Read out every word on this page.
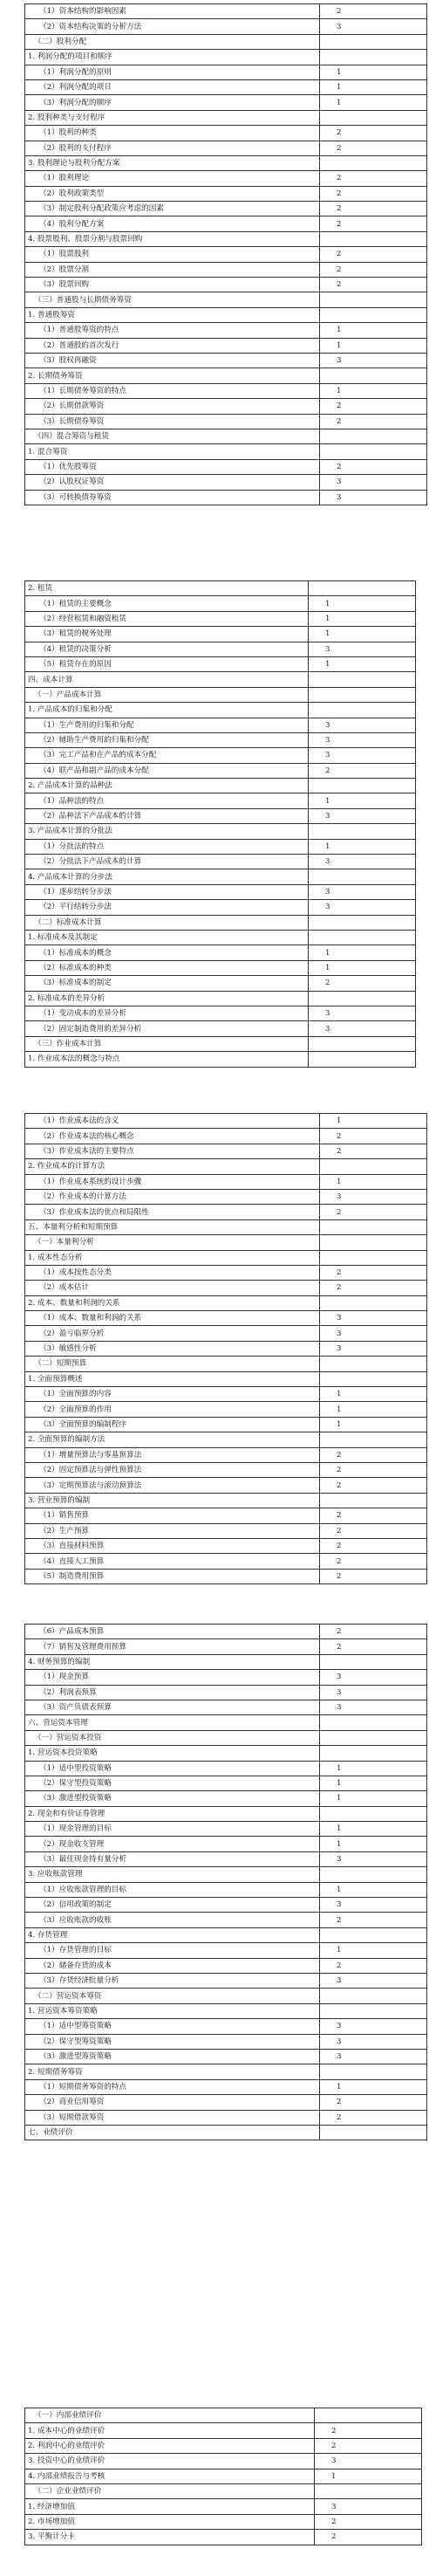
（1）资本结构的影响因素	2
（2）资本结构决策的分析方法	3
（二）股利分配	
1. 利润分配的项目和顺序	
（1）利润分配的原则	1
（2）利润分配的项目	1
（3）利润分配的顺序	1
2. 股利种类与支付程序	
（1）股利的种类	2
（2）股利的支付程序	2
3. 股利理论与股利分配方案	
（1）股利理论	2
（2）股利政策类型	2
（3）制定股利分配政策应考虑的因素	2
（4）股利分配方案	2
4. 股票股利、股票分割与股票回购	
（1）股票股利	2
（2）股票分割	2
（3）股票回购	2
（三）普通股与长期债务筹资	
1. 普通股筹资	
（1）普通股筹资的特点	1
（2）普通股的首次发行	1
（3）股权再融资	3
2. 长期债务筹资	
（1）长期债务筹资的特点	1
（2）长期借款筹资	2
（3）长期债券筹资	2
（四）混合筹资与租赁	
1. 混合筹资	
（1）优先股筹资	2
（2）认股权证筹资	3
（3）可转换债券筹资	3
2. 租赁	
（1）租赁的主要概念	1
（2）经营租赁和融资租赁	1
（3）租赁的税务处理	1
（4）租赁的决策分析	3
（5）租赁存在的原因	1
四、成本计算	
（一）产品成本计算	
1. 产品成本的归集和分配	
（1）生产费用的归集和分配	3
（2）辅助生产费用的归集和分配	3
（3）完工产品和在产品的成本分配	3
（4）联产品和副产品的成本分配	2
2. 产品成本计算的品种法	
（1）品种法的特点	1
（2）品种法下产品成本的计算	3
3. 产品成本计算的分批法	
（1）分批法的特点	1
（2）分批法下产品成本的计算	3
4. 产品成本计算的分步法	
（1）逐步结转分步法	3
（2）平行结转分步法	3
（二）标准成本计算	
1. 标准成本及其制定	
（1）标准成本的概念	1
（2）标准成本的种类	1
（3）标准成本的制定	2
2. 标准成本的差异分析	
（1）变动成本的差异分析	3
（2）固定制造费用的差异分析	3
（三）作业成本计算	
1. 作业成本法的概念与特点	
（1）作业成本法的含义	1
（2）作业成本法的核心概念	2
（3）作业成本法的主要特点	2
2. 作业成本的计算方法	
（1）作业成本系统的设计步骤	1
（2）作业成本的计算方法	3
（3）作业成本法的优点和局限性	2
五、本量利分析和短期预算	
（一）本量利分析	
1. 成本性态分析	
（1）成本按性态分类	2
（2）成本估计	2
2. 成本、数量和利润的关系	
（1）成本、数量和利润的关系	3
（2）盈亏临界分析	3
（3）敏感性分析	3
（二）短期预算	
1. 全面预算概述	
（1）全面预算的内容	1
（2）全面预算的作用	1
（3）全面预算的编制程序	1
2. 全面预算的编制方法	
（1）增量预算法与零基预算法	2
（2）固定预算法与弹性预算法	2
（3）定期预算法与滚动预算法	2
3. 营业预算的编制	
（1）销售预算	2
（2）生产预算	2
（3）直接材料预算	2
（4）直接人工预算	2
（5）制造费用预算	2
（6）产品成本预算	2
（7）销售及管理费用预算	2
4. 财务预算的编制	
（1）现金预算	3
（2）利润表预算	3
（3）资产负债表预算	3
六、营运资本管理	
（一）营运资本投资	
1. 营运资本投资策略	
（1）适中型投资策略	1
（2）保守型投资策略	1
（3）激进型投资策略	1
2. 现金和有价证券管理	
（1）现金管理的目标	1
（2）现金收支管理	1
（3）最佳现金持有量分析	3
3. 应收账款管理	
（1）应收账款管理的目标	1
（2）信用政策的制定	3
（3）应收账款的收账	2
4. 存货管理	
（1）存货管理的目标	1
（2）储备存货的成本	2
（3）存货经济批量分析	3
（二）营运资本筹资	
1. 营运资本筹资策略	
（1）适中型筹资策略	3
（2）保守型筹资策略	3
（3）激进型筹资策略	3
2. 短期债务筹资	
（1）短期债务筹资的特点	1
（2）商业信用筹资	2
（3）短期借款筹资	2
七、业绩评价	
（一）内部业绩评价	
1. 成本中心的业绩评价	2
2. 利润中心的业绩评价	2
3. 投资中心的业绩评价	3
4. 内部业绩报告与考核	1
（二）企业业绩评价	
1. 经济增加值	3
2. 市场增加值	2
3. 平衡计分卡	2
